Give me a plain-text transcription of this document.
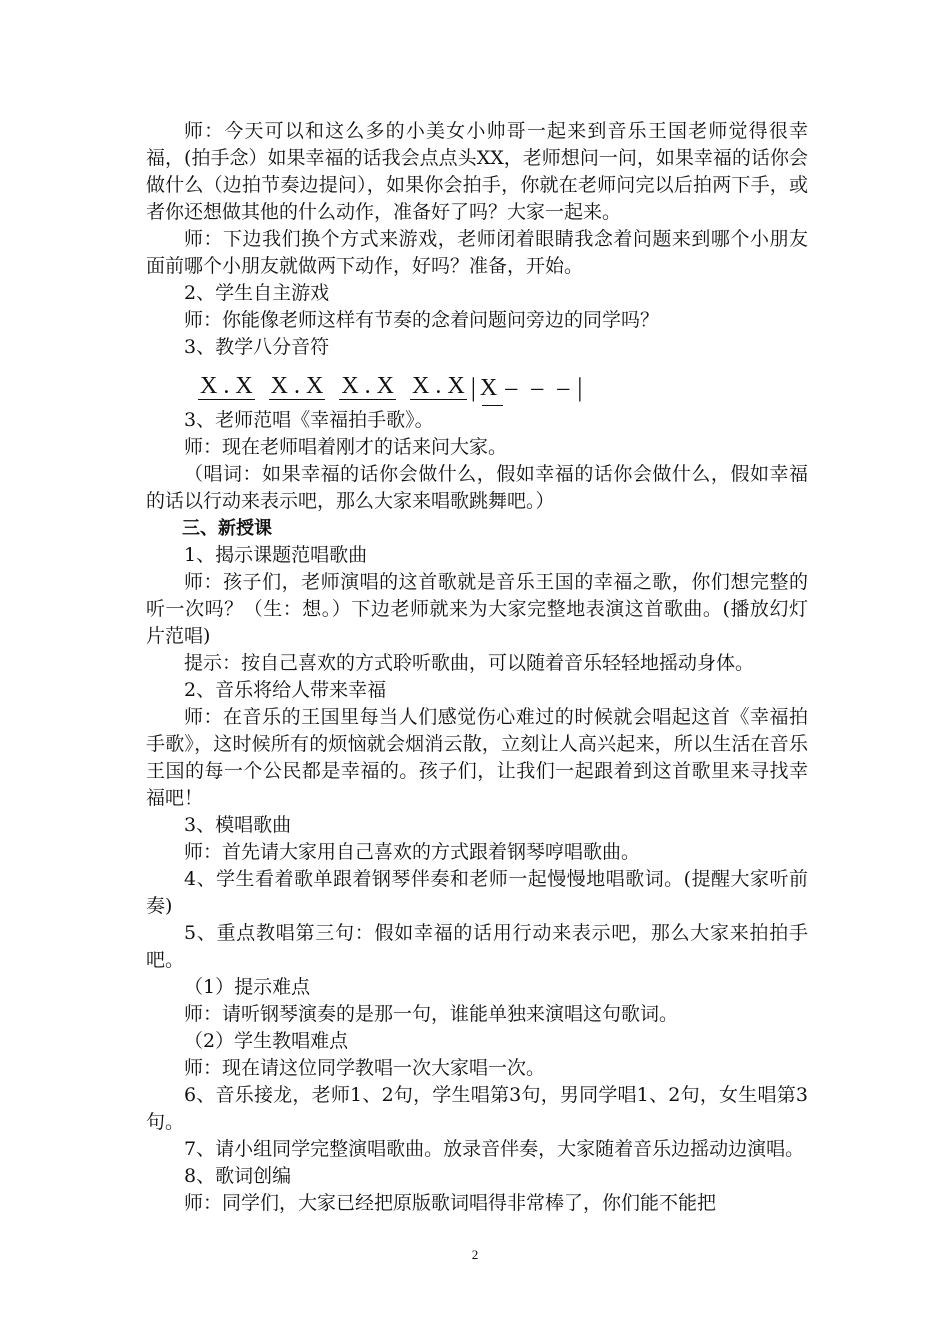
师：今天可以和这么多的小美女小帅哥一起来到音乐王国老师觉得很幸福，(拍手念）如果幸福的话我会点点头XX，老师想问一问，如果幸福的话你会做什么（边拍节奏边提问），如果你会拍手，你就在老师问完以后拍两下手，或者你还想做其他的什么动作，准备好了吗？大家一起来。

师：下边我们换个方式来游戏，老师闭着眼睛我念着问题来到哪个小朋友面前哪个小朋友就做两下动作，好吗？准备，开始。

2、学生自主游戏

师：你能像老师这样有节奏的念着问题问旁边的同学吗？

3、教学八分音符

X . X X . X X . X X . X | X – – – |

3、老师范唱《幸福拍手歌》。

师：现在老师唱着刚才的话来问大家。

（唱词：如果幸福的话你会做什么，假如幸福的话你会做什么，假如幸福的话以行动来表示吧，那么大家来唱歌跳舞吧。）

三、新授课

1、揭示课题范唱歌曲

师：孩子们，老师演唱的这首歌就是音乐王国的幸福之歌，你们想完整的听一次吗？（生：想。）下边老师就来为大家完整地表演这首歌曲。(播放幻灯片范唱)

提示：按自己喜欢的方式聆听歌曲，可以随着音乐轻轻地摇动身体。

2、音乐将给人带来幸福

师：在音乐的王国里每当人们感觉伤心难过的时候就会唱起这首《幸福拍手歌》，这时候所有的烦恼就会烟消云散，立刻让人高兴起来，所以生活在音乐王国的每一个公民都是幸福的。孩子们，让我们一起跟着到这首歌里来寻找幸福吧！

3、模唱歌曲

师：首先请大家用自己喜欢的方式跟着钢琴哼唱歌曲。

4、学生看着歌单跟着钢琴伴奏和老师一起慢慢地唱歌词。(提醒大家听前奏)

5、重点教唱第三句：假如幸福的话用行动来表示吧，那么大家来拍拍手吧。

（1）提示难点

师：请听钢琴演奏的是那一句，谁能单独来演唱这句歌词。

（2）学生教唱难点

师：现在请这位同学教唱一次大家唱一次。

6、音乐接龙，老师1、2句，学生唱第3句，男同学唱1、2句，女生唱第3句。

7、请小组同学完整演唱歌曲。放录音伴奏，大家随着音乐边摇动边演唱。

8、歌词创编

师：同学们，大家已经把原版歌词唱得非常棒了，你们能不能把

2
